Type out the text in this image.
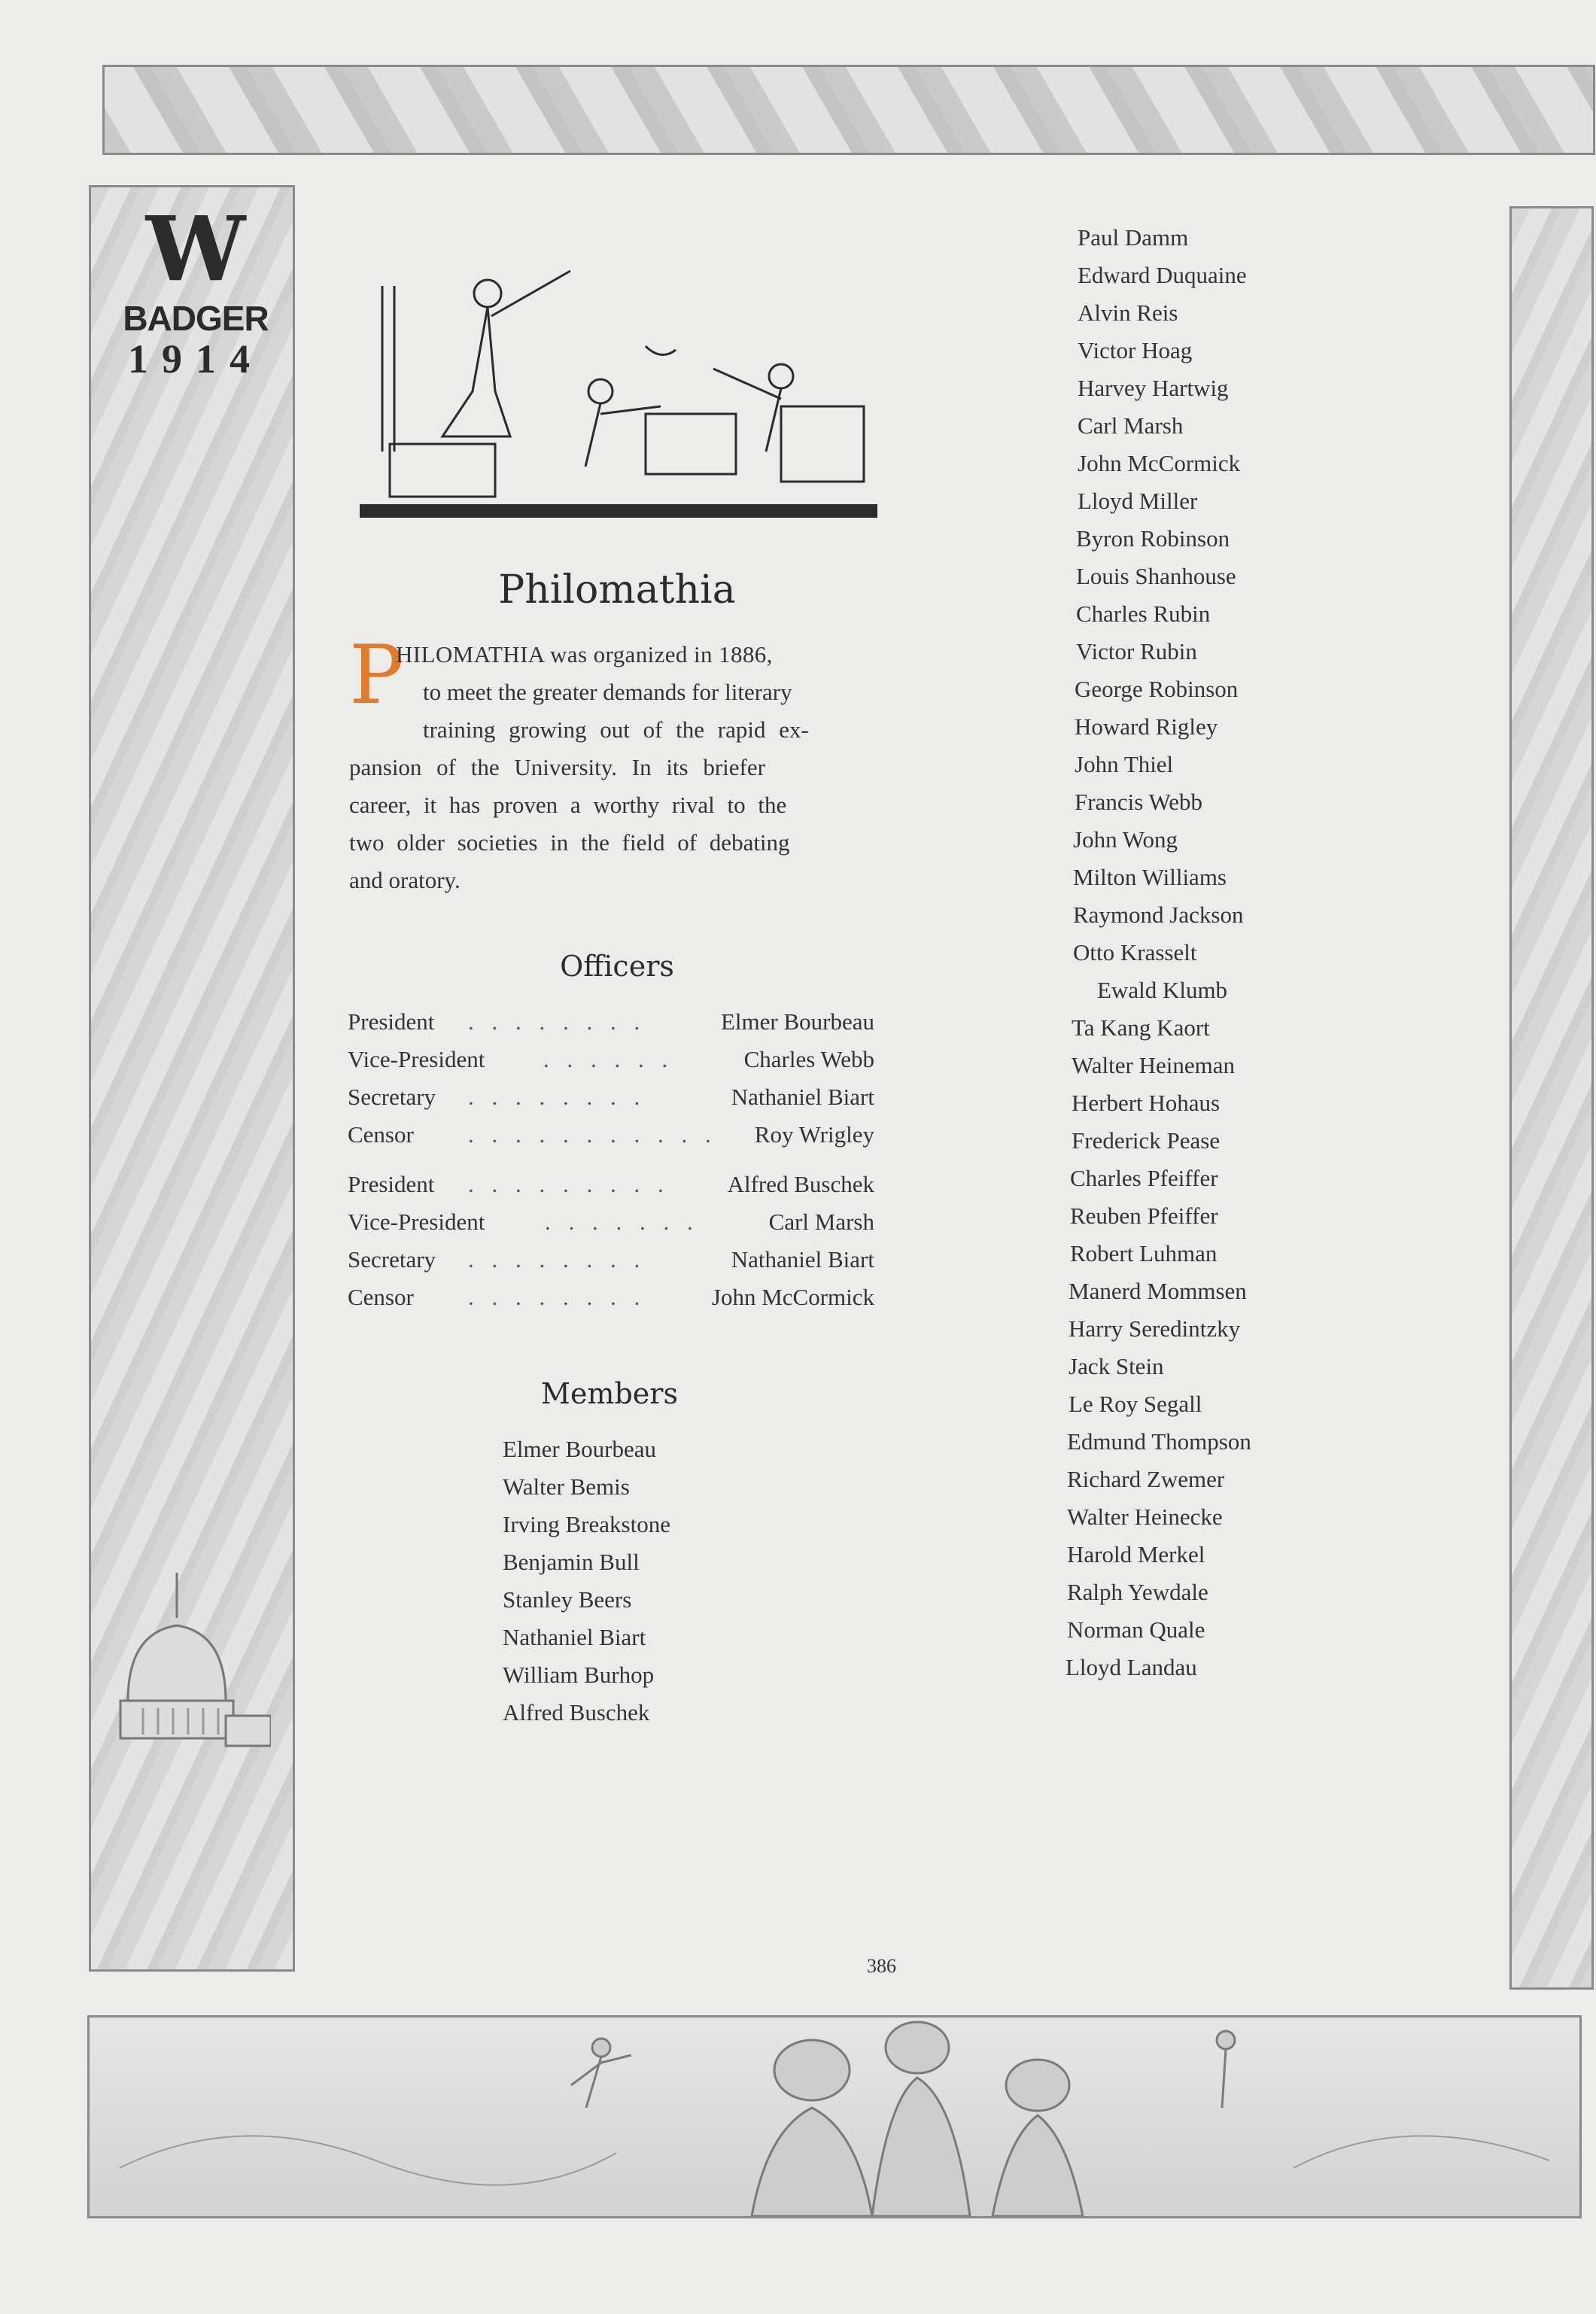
W
BADGER
1914
Philomathia
P
HILOMATHIA was organized in 1886,
to meet the greater demands for literary
training growing out of the rapid ex-
pansion of the University. In its briefer
career, it has proven a worthy rival to the
two older societies in the field of debating
and oratory.
Officers
President . . . . . . . .	Elmer Bourbeau
Vice-President	. . . . . .	Charles Webb
Secretary . . . . . . . .	Nathaniel Biart
Censor . . . . . . . . . . . Roy Wrigley
President . . . . . . . . . Alfred Buschek
Vice-President	. . . . . . .	Carl Marsh
Secretary . . . . . . . .	Nathaniel Biart
Censor . . . . . . . .	John McCormick
Members
Elmer Bourbeau
Walter Bemis
Irving Breakstone
Benjamin Bull
Stanley Beers
Nathaniel Biart
William Burhop
Alfred Buschek
Paul Damm
Edward Duquaine
Alvin Reis
Victor Hoag
Harvey Hartwig
Carl Marsh
John McCormick
Lloyd Miller
Byron Robinson
Louis Shanhouse
Charles Rubin
Victor Rubin
George Robinson
Howard Rigley
John Thiel
Francis Webb
John Wong
Milton Williams
Raymond Jackson
Otto Krasselt
Ewald Klumb
Ta Kang Kaort
Walter Heineman
Herbert Hohaus
Frederick Pease
Charles Pfeiffer
Reuben Pfeiffer
Robert Luhman
Manerd Mommsen
Harry Seredintzky
Jack Stein
Le Roy Segall
Edmund Thompson
Richard Zwemer
Walter Heinecke
Harold Merkel
Ralph Yewdale
Norman Quale
Lloyd Landau
386
